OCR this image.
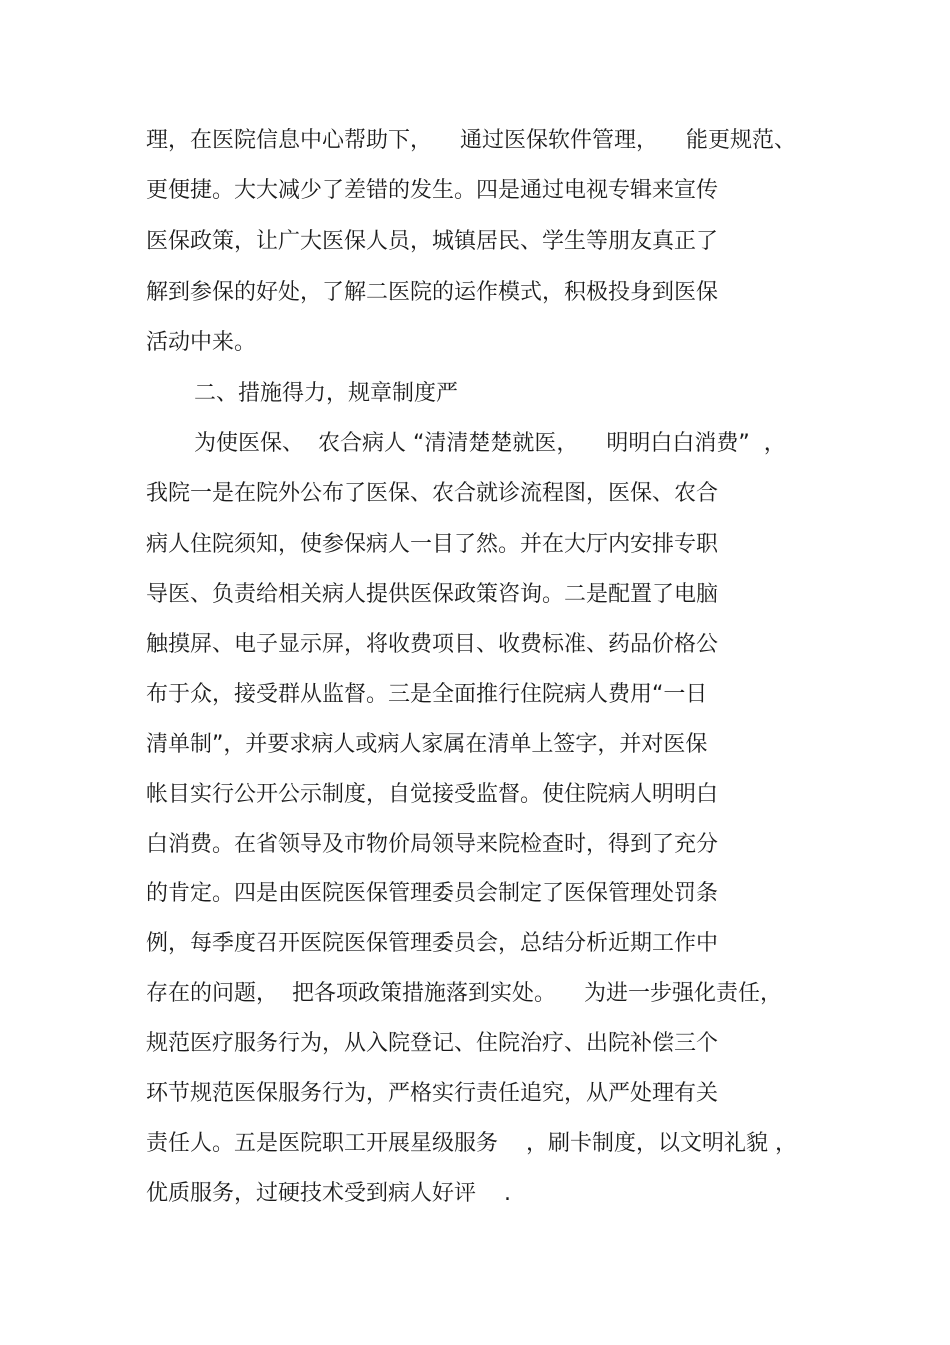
理，在医院信息中心帮助下，    通过医保软件管理，    能更规范、
更便捷。大大减少了差错的发生。四是通过电视专辑来宣传
医保政策，让广大医保人员，城镇居民、学生等朋友真正了
解到参保的好处，了解二医院的运作模式，积极投身到医保
活动中来。
二、措施得力，规章制度严
为使医保、  农合病人 “清清楚楚就医，    明明白白消费”  ，
我院一是在院外公布了医保、农合就诊流程图，医保、农合
病人住院须知，使参保病人一目了然。并在大厅内安排专职
导医、负责给相关病人提供医保政策咨询。二是配置了电脑
触摸屏、电子显示屏，将收费项目、收费标准、药品价格公
布于众，接受群从监督。三是全面推行住院病人费用“一日
清单制”，并要求病人或病人家属在清单上签字，并对医保
帐目实行公开公示制度，自觉接受监督。使住院病人明明白
白消费。在省领导及市物价局领导来院检查时，得到了充分
的肯定。四是由医院医保管理委员会制定了医保管理处罚条
例，每季度召开医院医保管理委员会，总结分析近期工作中
存在的问题，  把各项政策措施落到实处。    为进一步强化责任，
规范医疗服务行为，从入院登记、住院治疗、出院补偿三个
环节规范医保服务行为，严格实行责任追究，从严处理有关
责任人。五是医院职工开展星级服务    ，刷卡制度，以文明礼貌 ，
优质服务，过硬技术受到病人好评    .
